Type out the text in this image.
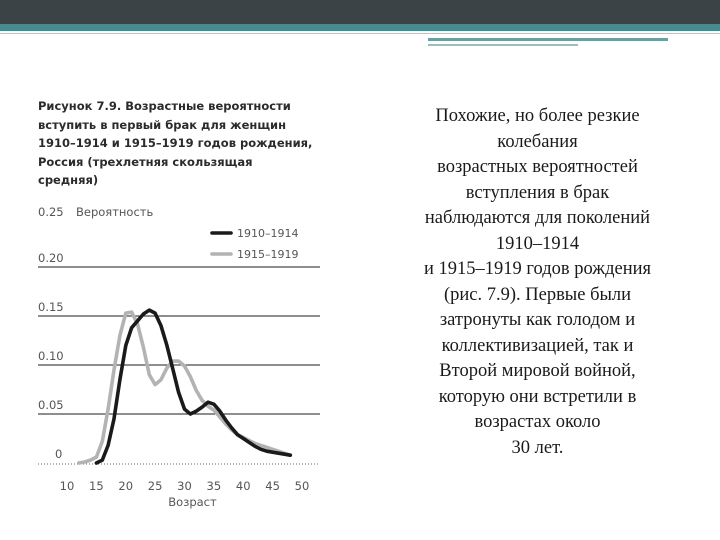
Рисунок 7.9. Возрастные вероятности
вступить в первый брак для женщин
1910–1914 и 1915–1919 годов рождения,
Россия (трехлетняя скользящая
средняя)
0
0.05
0.10
0.15
0.20
0.25 Вероятность
10 15 20 25 30 35 40 45 50
Возраст
1910–1914
1915–1919
Похожие, но более резкие
колебания
возрастных вероятностей
вступления в брак
наблюдаются для поколений
1910–1914
и 1915–1919 годов рождения
(рис. 7.9). Первые были
затронуты как голодом и
коллективизацией, так и
Второй мировой войной,
которую они встретили в
возрастах около
30 лет.
